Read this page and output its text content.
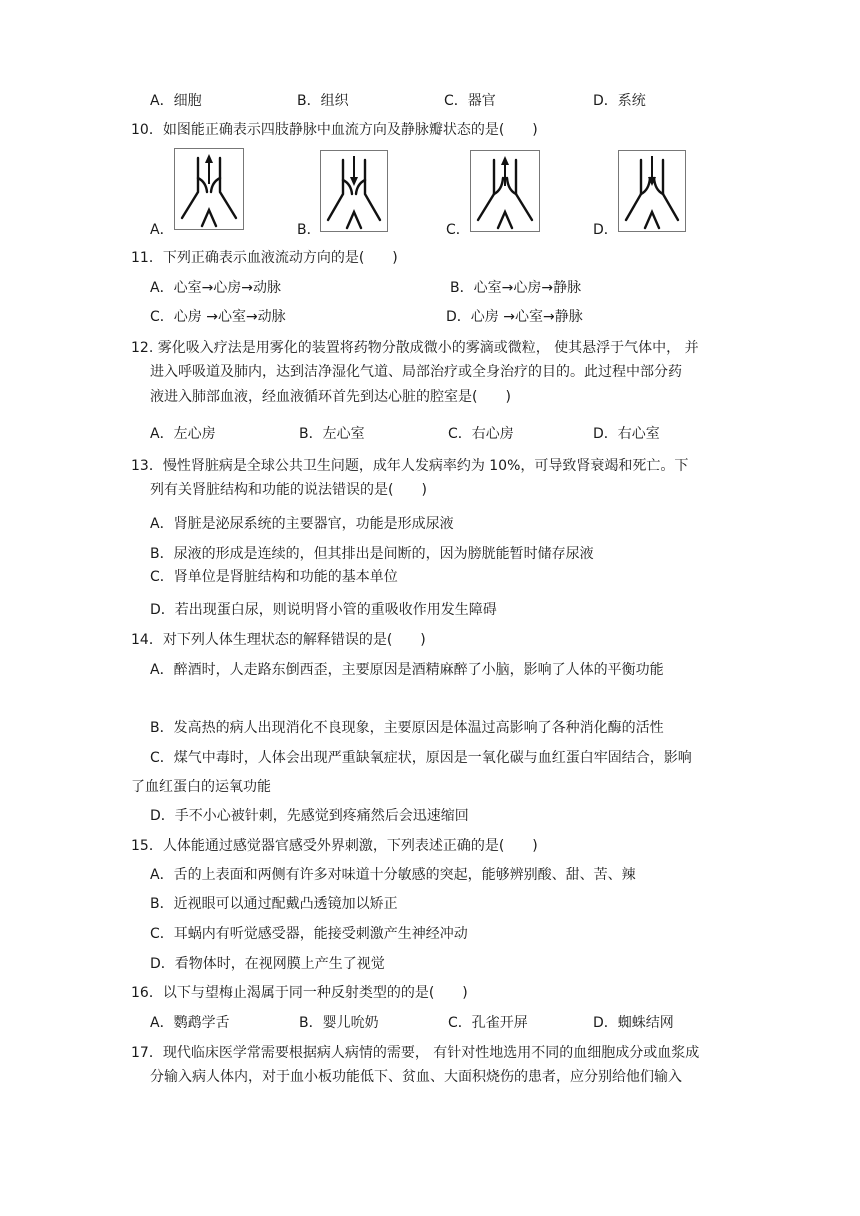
A．细胞	B．组织	C．器官	D．系统
10．如图能正确表示四肢静脉中血流方向及静脉瓣状态的是(　　)
A．	B．	C．	D．
11．下列正确表示血液流动方向的是(　　)
A．心室→心房→动脉	B．心室→心房→静脉
C．心房 →心室→动脉	D．心房 →心室→静脉
12. 雾化吸入疗法是用雾化的装置将药物分散成微小的雾滴或微粒， 使其悬浮于气体中， 并
进入呼吸道及肺内，达到洁净湿化气道、局部治疗或全身治疗的目的。此过程中部分药
液进入肺部血液，经血液循环首先到达心脏的腔室是(　　)
A．左心房	B．左心室	C．右心房	D．右心室
13．慢性肾脏病是全球公共卫生问题，成年人发病率约为 10%，可导致肾衰竭和死亡。下
列有关肾脏结构和功能的说法错误的是(　　)
A．肾脏是泌尿系统的主要器官，功能是形成尿液
B．尿液的形成是连续的，但其排出是间断的，因为膀胱能暂时储存尿液
C．肾单位是肾脏结构和功能的基本单位
D．若出现蛋白尿，则说明肾小管的重吸收作用发生障碍
14．对下列人体生理状态的解释错误的是(　　)
A．醉酒时，人走路东倒西歪，主要原因是酒精麻醉了小脑，影响了人体的平衡功能
B．发高热的病人出现消化不良现象，主要原因是体温过高影响了各种消化酶的活性
C．煤气中毒时，人体会出现严重缺氧症状，原因是一氧化碳与血红蛋白牢固结合，影响
了血红蛋白的运氧功能
D．手不小心被针刺，先感觉到疼痛然后会迅速缩回
15．人体能通过感觉器官感受外界刺激，下列表述正确的是(　　)
A．舌的上表面和两侧有许多对味道十分敏感的突起，能够辨别酸、甜、苦、辣
B．近视眼可以通过配戴凸透镜加以矫正
C．耳蜗内有听觉感受器，能接受刺激产生神经冲动
D．看物体时，在视网膜上产生了视觉
16．以下与望梅止渴属于同一种反射类型的的是(　　)
A．鹦鹉学舌	B．婴儿吮奶	C．孔雀开屏	D．蜘蛛结网
17．现代临床医学常需要根据病人病情的需要， 有针对性地选用不同的血细胞成分或血浆成
分输入病人体内，对于血小板功能低下、贫血、大面积烧伤的患者，应分别给他们输入
